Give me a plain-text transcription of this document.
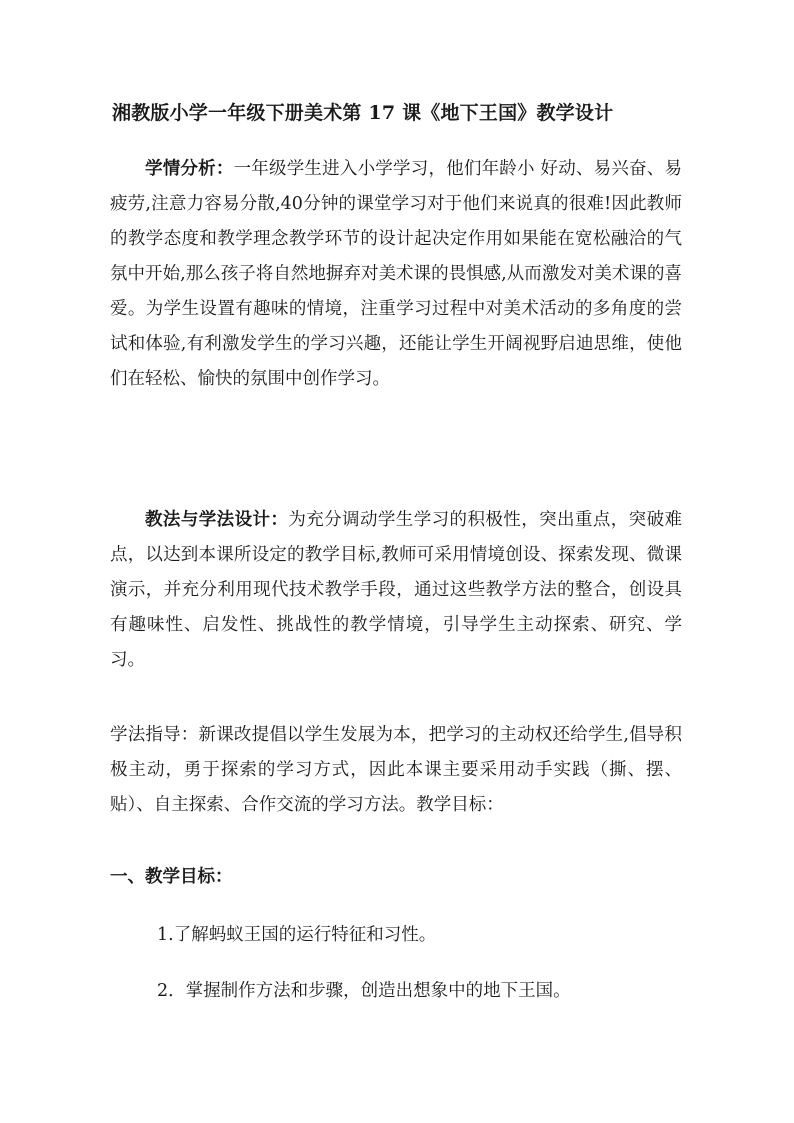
湘教版小学一年级下册美术第 17 课《地下王国》教学设计

学情分析：一年级学生进入小学学习，他们年龄小 好动、易兴奋、易疲劳,注意力容易分散,40分钟的课堂学习对于他们来说真的很难!因此教师的教学态度和教学理念教学环节的设计起决定作用如果能在宽松融洽的气氛中开始,那么孩子将自然地摒弃对美术课的畏惧感,从而激发对美术课的喜爱。为学生设置有趣味的情境，注重学习过程中对美术活动的多角度的尝试和体验,有利激发学生的学习兴趣，还能让学生开阔视野启迪思维，使他们在轻松、愉快的氛围中创作学习。

教法与学法设计：为充分调动学生学习的积极性，突出重点，突破难点，以达到本课所设定的教学目标,教师可采用情境创设、探索发现、微课演示，并充分利用现代技术教学手段，通过这些教学方法的整合，创设具有趣味性、启发性、挑战性的教学情境，引导学生主动探索、研究、学习。

学法指导：新课改提倡以学生发展为本，把学习的主动权还给学生,倡导积极主动，勇于探索的学习方式，因此本课主要采用动手实践（撕、摆、贴）、自主探索、合作交流的学习方法。教学目标：

一、教学目标：

1.了解蚂蚁王国的运行特征和习性。

2．掌握制作方法和步骤，创造出想象中的地下王国。
